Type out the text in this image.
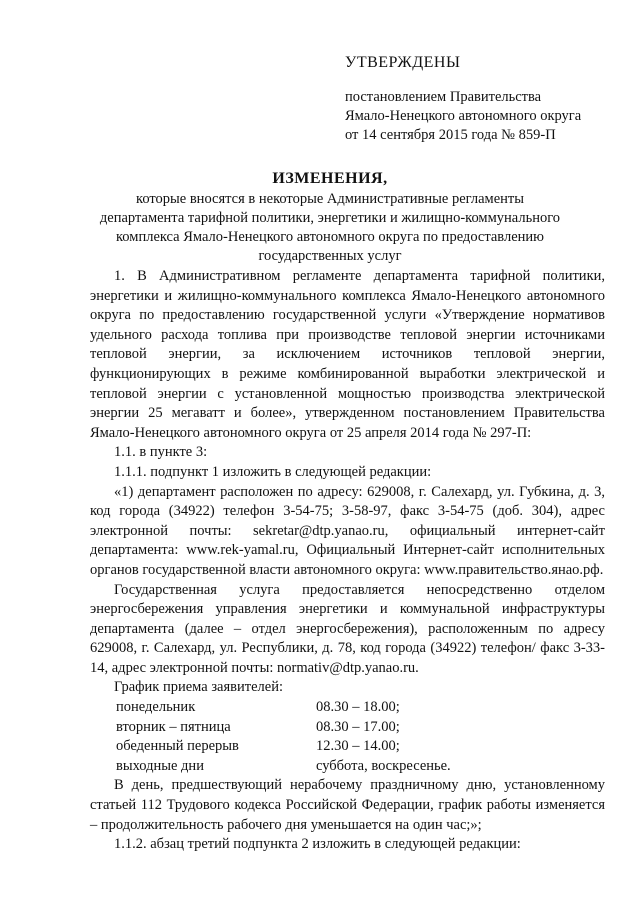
УТВЕРЖДЕНЫ
постановлением Правительства
Ямало-Ненецкого автономного округа
от 14 сентября 2015 года № 859-П
ИЗМЕНЕНИЯ,
которые вносятся в некоторые Административные регламенты
департамента тарифной политики, энергетики и жилищно-коммунального
комплекса Ямало-Ненецкого автономного округа по предоставлению
государственных услуг

1. В Административном регламенте департамента тарифной политики, энергетики и жилищно-коммунального комплекса Ямало-Ненецкого автономного округа по предоставлению государственной услуги «Утверждение нормативов удельного расхода топлива при производстве тепловой энергии источниками тепловой энергии, за исключением источников тепловой энергии, функционирующих в режиме комбинированной выработки электрической и тепловой энергии с установленной мощностью производства электрической энергии 25 мегаватт и более», утвержденном постановлением Правительства Ямало-Ненецкого автономного округа от 25 апреля 2014 года № 297-П:

1.1. в пункте 3:

1.1.1. подпункт 1 изложить в следующей редакции:

«1) департамент расположен по адресу: 629008, г. Салехард, ул. Губкина, д. 3, код города (34922) телефон 3-54-75; 3-58-97, факс 3-54-75 (доб. 304), адрес электронной почты: sekretar@dtp.yanao.ru, официальный интернет-сайт департамента: www.rek-yamal.ru, Официальный Интернет-сайт исполнительных органов государственной власти автономного округа: www.правительство.янао.рф.

Государственная услуга предоставляется непосредственно отделом энергосбережения управления энергетики и коммунальной инфраструктуры департамента (далее – отдел энергосбережения), расположенным по адресу 629008, г. Салехард, ул. Республики, д. 78, код города (34922) телефон/ факс 3-33-14, адрес электронной почты: normativ@dtp.yanao.ru.

График приема заявителей:

понедельник	08.30 – 18.00;
вторник – пятница	08.30 – 17.00;
обеденный перерыв	12.30 – 14.00;
выходные дни	суббота, воскресенье.

В день, предшествующий нерабочему праздничному дню, установленному статьей 112 Трудового кодекса Российской Федерации, график работы изменяется – продолжительность рабочего дня уменьшается на один час;»;

1.1.2. абзац третий подпункта 2 изложить в следующей редакции:
